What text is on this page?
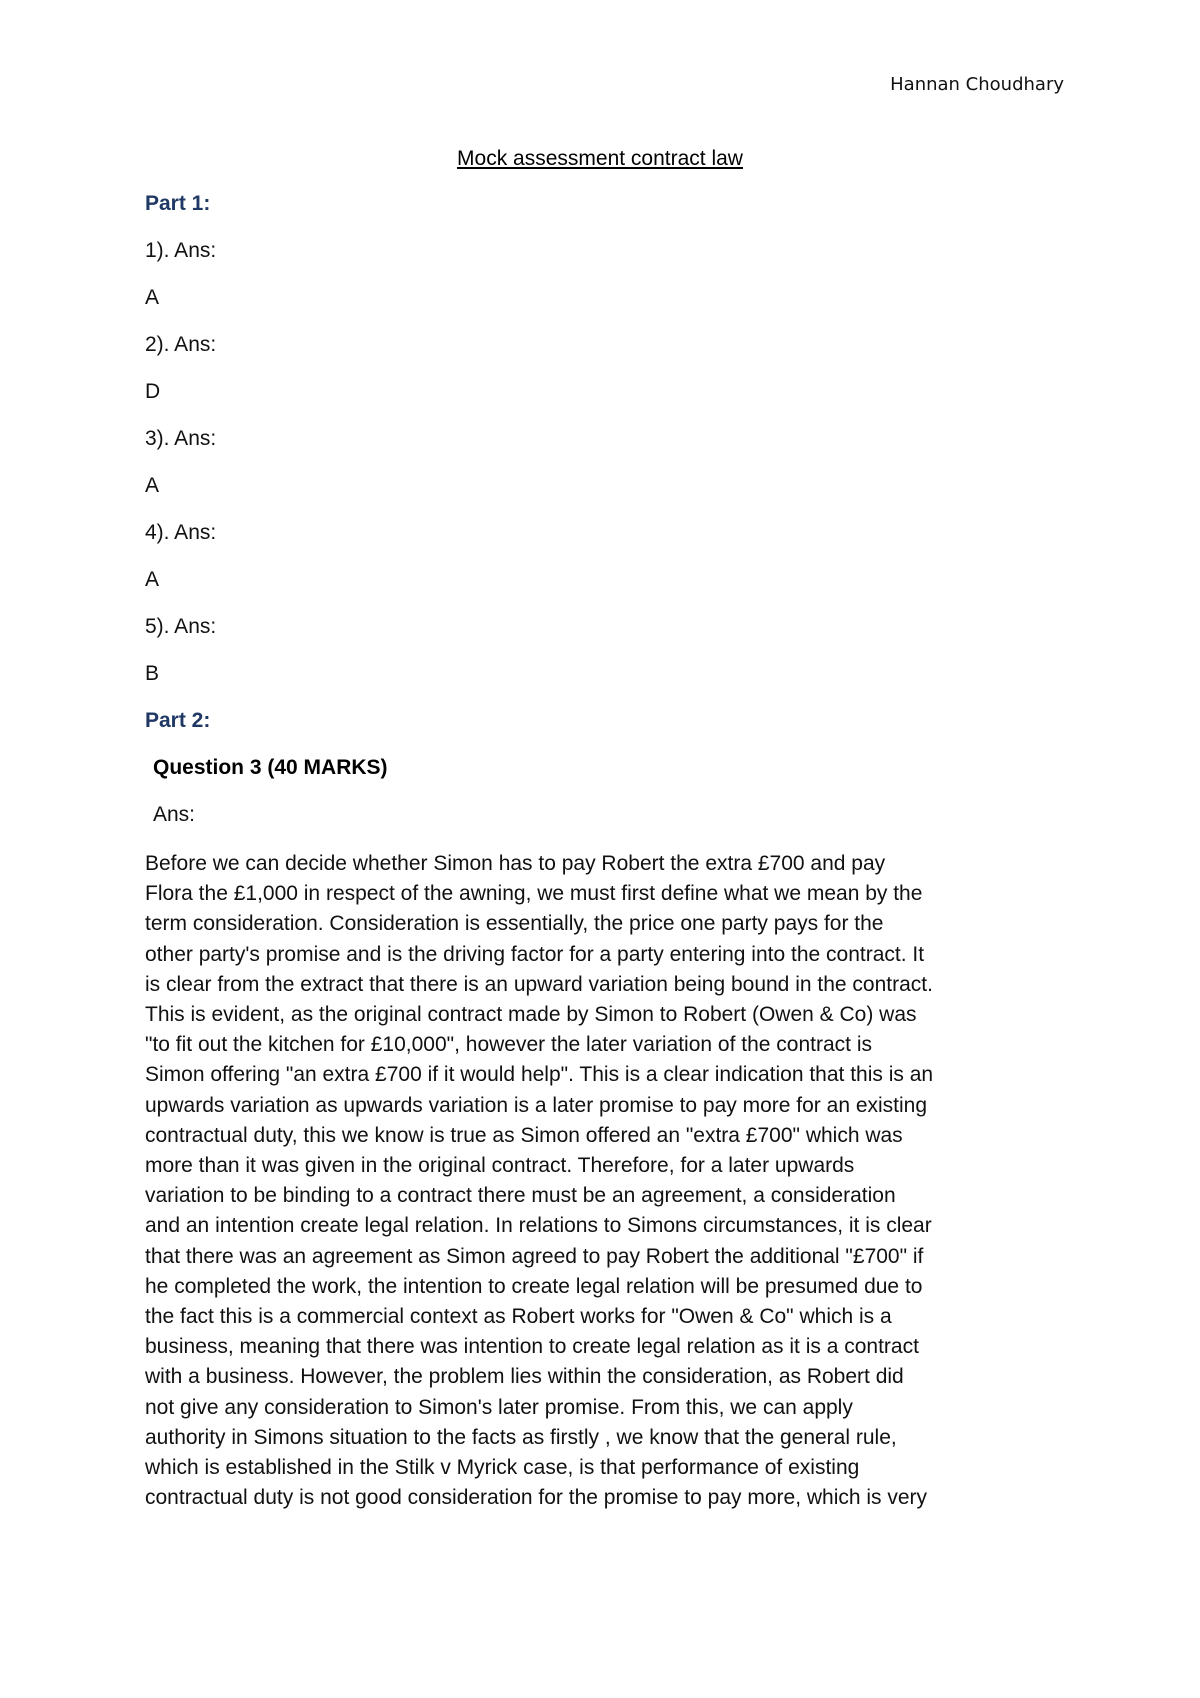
Hannan Choudhary
Mock assessment contract law
Part 1:
1). Ans:
A
2). Ans:
D
3). Ans:
A
4). Ans:
A
5). Ans:
B
Part 2:
Question 3 (40 MARKS)
Ans:
Before we can decide whether Simon has to pay Robert the extra £700 and pay
Flora the £1,000 in respect of the awning, we must first define what we mean by the
term consideration. Consideration is essentially, the price one party pays for the
other party's promise and is the driving factor for a party entering into the contract. It
is clear from the extract that there is an upward variation being bound in the contract.
This is evident, as the original contract made by Simon to Robert (Owen & Co) was
"to fit out the kitchen for £10,000", however the later variation of the contract is
Simon offering "an extra £700 if it would help". This is a clear indication that this is an
upwards variation as upwards variation is a later promise to pay more for an existing
contractual duty, this we know is true as Simon offered an "extra £700" which was
more than it was given in the original contract. Therefore, for a later upwards
variation to be binding to a contract there must be an agreement, a consideration
and an intention create legal relation. In relations to Simons circumstances, it is clear
that there was an agreement as Simon agreed to pay Robert the additional "£700" if
he completed the work, the intention to create legal relation will be presumed due to
the fact this is a commercial context as Robert works for "Owen & Co" which is a
business, meaning that there was intention to create legal relation as it is a contract
with a business. However, the problem lies within the consideration, as Robert did
not give any consideration to Simon's later promise. From this, we can apply
authority in Simons situation to the facts as firstly , we know that the general rule,
which is established in the Stilk v Myrick case, is that performance of existing
contractual duty is not good consideration for the promise to pay more, which is very
